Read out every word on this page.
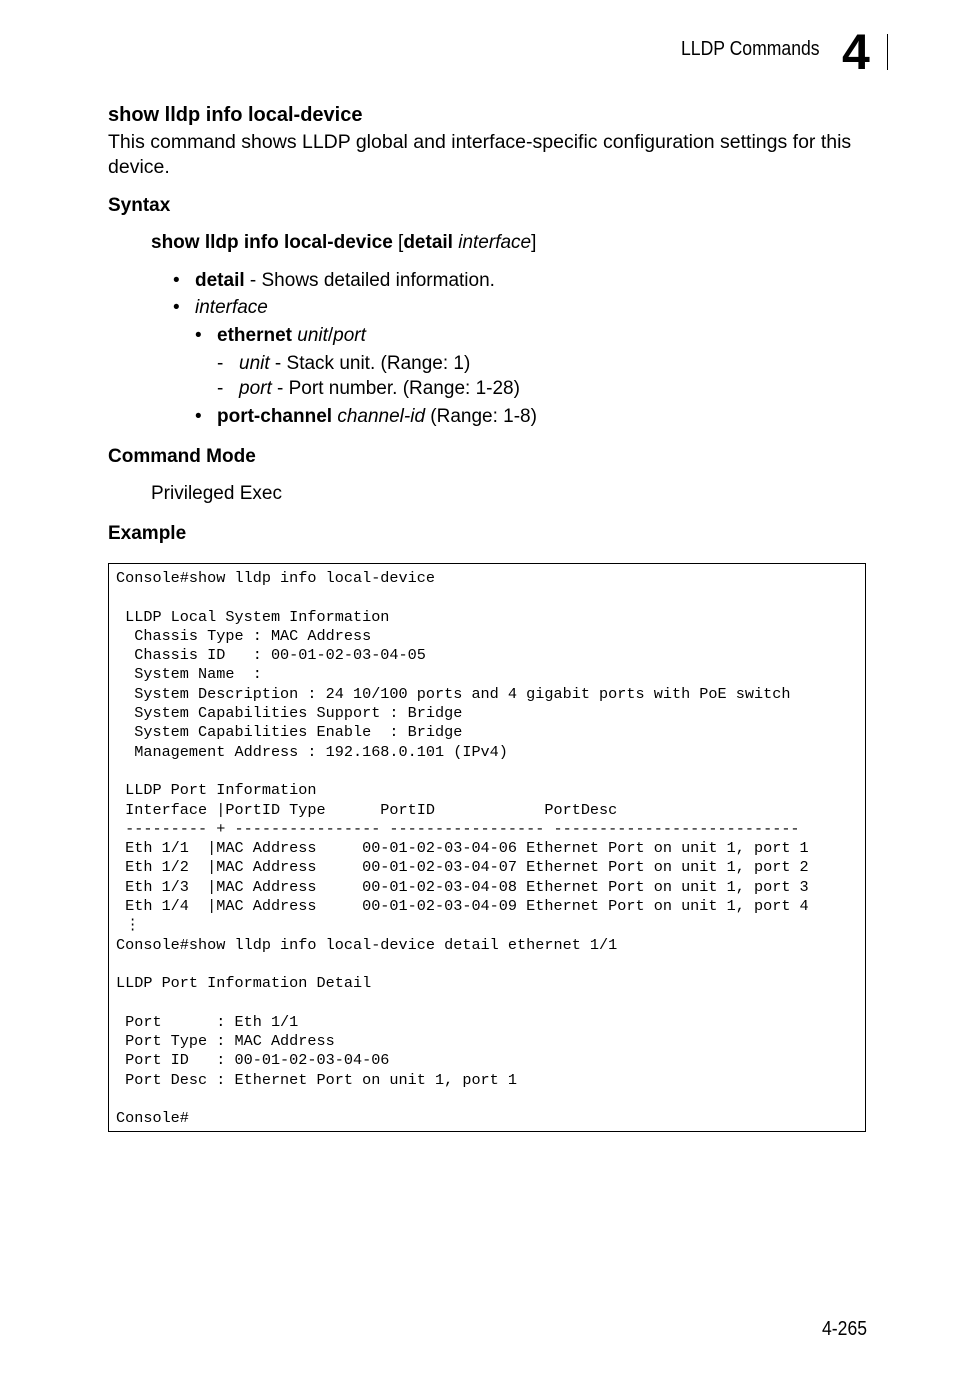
LLDP Commands 4
show lldp info local-device
This command shows LLDP global and interface-specific configuration settings for this device.
Syntax
show lldp info local-device [detail interface]
• detail - Shows detailed information.
• interface
• ethernet unit/port
- unit - Stack unit. (Range: 1)
- port - Port number. (Range: 1-28)
• port-channel channel-id (Range: 1-8)
Command Mode
Privileged Exec
Example
Console#show lldp info local-device

LLDP Local System Information
Chassis Type : MAC Address
Chassis ID   : 00-01-02-03-04-05
System Name  :
System Description : 24 10/100 ports and 4 gigabit ports with PoE switch
System Capabilities Support : Bridge
System Capabilities Enable  : Bridge
Management Address : 192.168.0.101 (IPv4)

LLDP Port Information
Interface |PortID Type      PortID            PortDesc
--------- + ---------------- ----------------- ---------------------------
Eth 1/1  |MAC Address     00-01-02-03-04-06 Ethernet Port on unit 1, port 1
Eth 1/2  |MAC Address     00-01-02-03-04-07 Ethernet Port on unit 1, port 2
Eth 1/3  |MAC Address     00-01-02-03-04-08 Ethernet Port on unit 1, port 3
Eth 1/4  |MAC Address     00-01-02-03-04-09 Ethernet Port on unit 1, port 4
⋮
Console#show lldp info local-device detail ethernet 1/1

LLDP Port Information Detail

Port      : Eth 1/1
Port Type : MAC Address
Port ID   : 00-01-02-03-04-06
Port Desc : Ethernet Port on unit 1, port 1

Console#
4-265
